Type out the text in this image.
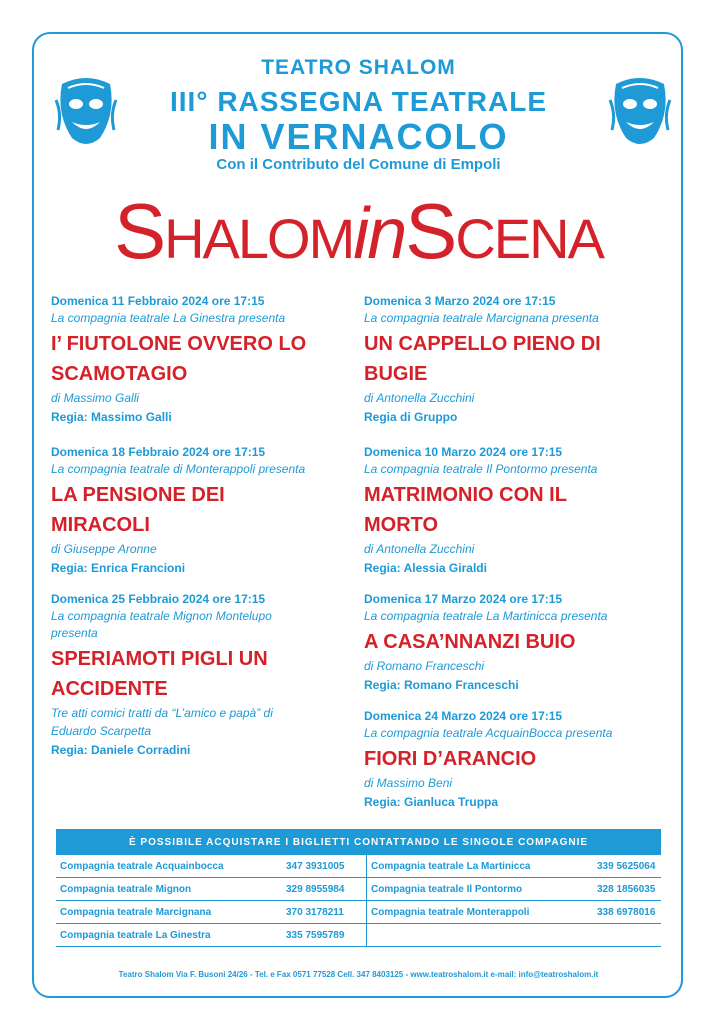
TEATRO SHALOM
III° RASSEGNA TEATRALE
IN VERNACOLO
Con il Contributo del Comune di Empoli
SHALOMinSCENA
Domenica 11 Febbraio 2024 ore 17:15
La compagnia teatrale La Ginestra presenta
I’ FIUTOLONE OVVERO LO SCAMOTAGIO
di Massimo Galli
Regia: Massimo Galli
Domenica 18 Febbraio 2024 ore 17:15
La compagnia teatrale di Monterappoli presenta
LA PENSIONE DEI MIRACOLI
di Giuseppe Aronne
Regia: Enrica Francioni
Domenica 25 Febbraio 2024 ore 17:15
La compagnia teatrale Mignon Montelupo presenta
SPERIAMOTI PIGLI UN ACCIDENTE
Tre atti comici tratti da “L’amico e papà” di Eduardo Scarpetta
Regia: Daniele Corradini
Domenica 3 Marzo 2024 ore 17:15
La compagnia teatrale Marcignana presenta
UN CAPPELLO PIENO DI BUGIE
di Antonella Zucchini
Regia di Gruppo
Domenica 10 Marzo 2024 ore 17:15
La compagnia teatrale Il Pontormo presenta
MATRIMONIO CON IL MORTO
di Antonella Zucchini
Regia: Alessia Giraldi
Domenica 17 Marzo 2024 ore 17:15
La compagnia teatrale La Martinicca presenta
A CASA’NNANZI BUIO
di Romano Franceschi
Regia: Romano Franceschi
Domenica 24 Marzo 2024 ore 17:15
La compagnia teatrale AcquainBocca presenta
FIORI D’ARANCIO
di Massimo Beni
Regia: Gianluca Truppa
È POSSIBILE ACQUISTARE I BIGLIETTI CONTATTANDO LE SINGOLE COMPAGNIE			
Compagnia teatrale Acquainbocca	347 3931005	Compagnia teatrale La Martinicca	339 5625064
Compagnia teatrale Mignon	329 8955984	Compagnia teatrale Il Pontormo	328 1856035
Compagnia teatrale Marcignana	370 3178211	Compagnia teatrale Monterappoli	338 6978016
Compagnia teatrale La Ginestra	335 7595789		
Teatro Shalom Via F. Busoni 24/26 - Tel. e Fax 0571 77528 Cell. 347 8403125 - www.teatroshalom.it e-mail: info@teatroshalom.it
